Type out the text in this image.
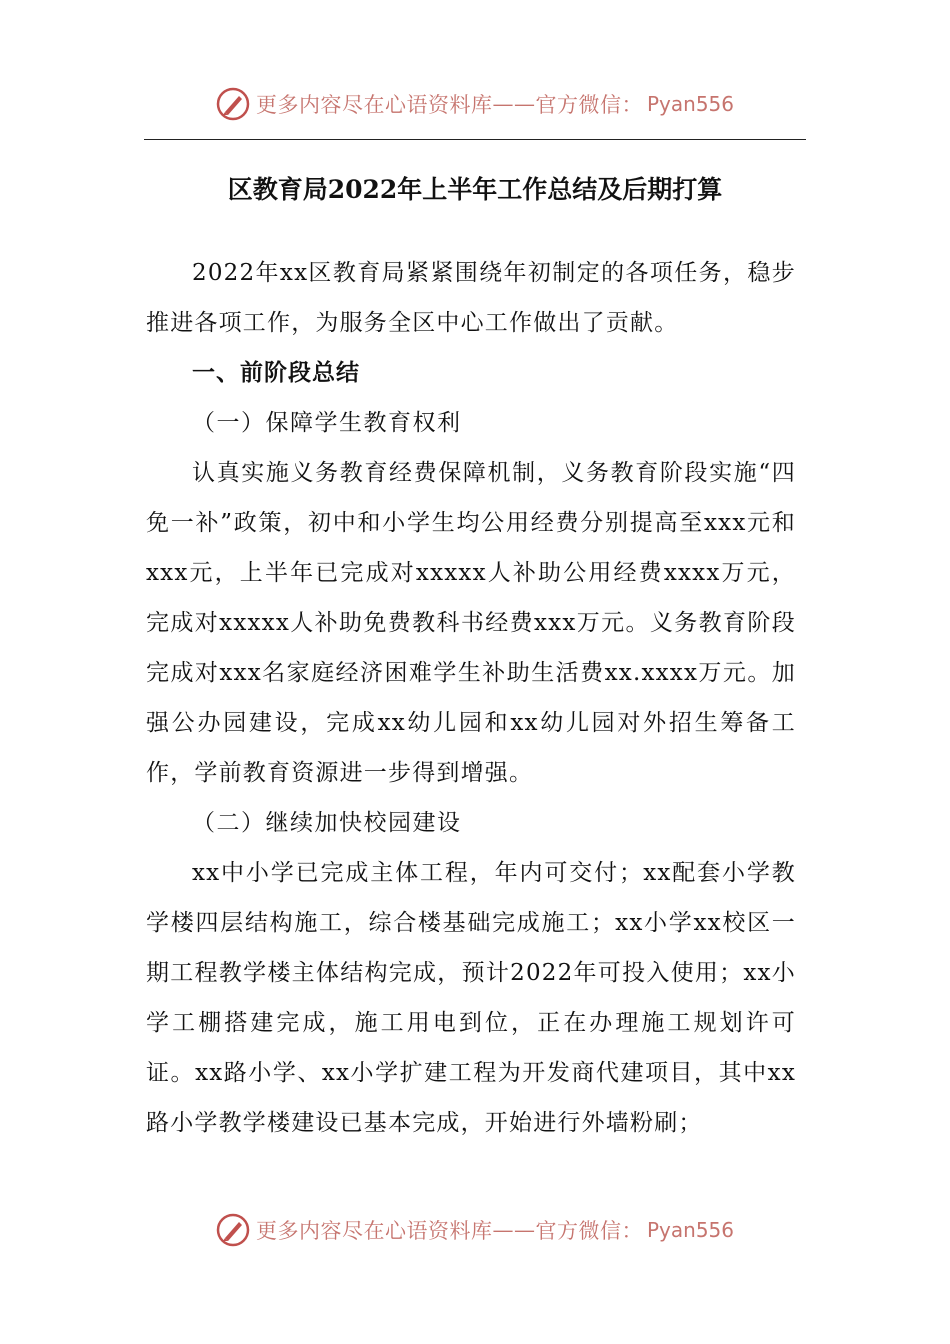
更多内容尽在心语资料库 —— 官方微信： Pyan556
区教育局2022年上半年工作总结及后期打算

2022年xx区教育局紧紧围绕年初制定的各项任务，稳步推进各项工作，为服务全区中心工作做出了贡献。

一、前阶段总结

（一）保障学生教育权利

认真实施义务教育经费保障机制，义务教育阶段实施“四免一补”政策，初中和小学生均公用经费分别提高至xxx元和xxx元，上半年已完成对xxxxx人补助公用经费xxxx万元，完成对xxxxx人补助免费教科书经费xxx万元。义务教育阶段完成对xxx名家庭经济困难学生补助生活费xx.xxxx万元。加强公办园建设，完成xx幼儿园和xx幼儿园对外招生筹备工作，学前教育资源进一步得到增强。

（二）继续加快校园建设

xx中小学已完成主体工程，年内可交付；xx配套小学教学楼四层结构施工，综合楼基础完成施工；xx小学xx校区一期工程教学楼主体结构完成，预计2022年可投入使用；xx小学工棚搭建完成，施工用电到位，正在办理施工规划许可证。xx路小学、xx小学扩建工程为开发商代建项目，其中xx路小学教学楼建设已基本完成，开始进行外墙粉刷；

更多内容尽在心语资料库 —— 官方微信： Pyan556
